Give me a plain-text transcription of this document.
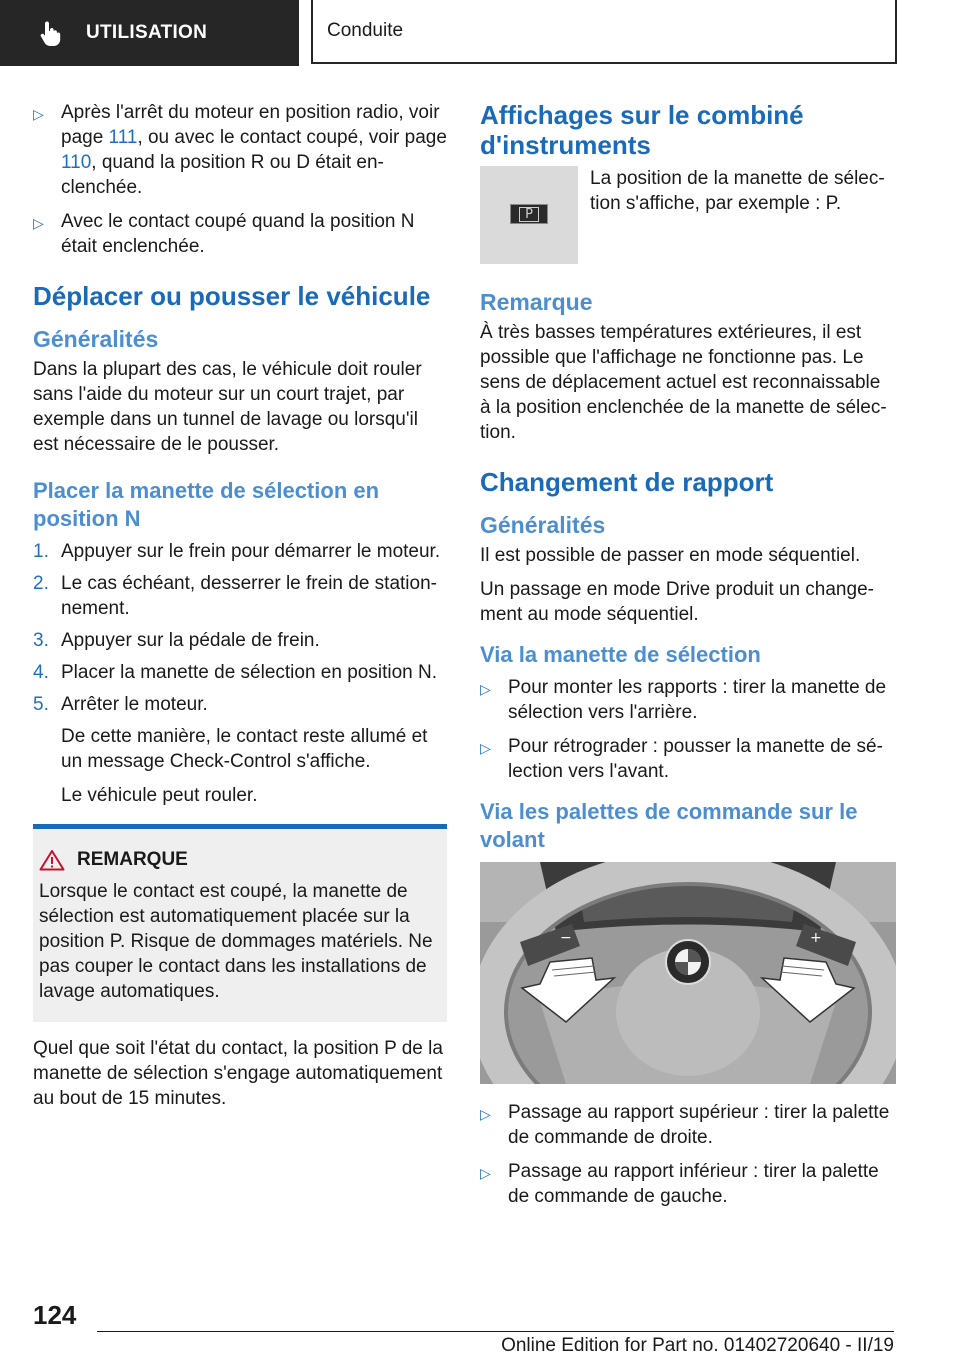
UTILISATION	Conduite
▷ Après l'arrêt du moteur en position radio, voir page 111, ou avec le contact coupé, voir page 110, quand la position R ou D était enclenchée.
▷ Avec le contact coupé quand la position N était enclenchée.
Déplacer ou pousser le véhicule
Généralités

Dans la plupart des cas, le véhicule doit rouler sans l'aide du moteur sur un court trajet, par exemple dans un tunnel de lavage ou lorsqu'il est nécessaire de le pousser.

Placer la manette de sélection en position N
1. Appuyer sur le frein pour démarrer le moteur.
2. Le cas échéant, desserrer le frein de stationnement.
3. Appuyer sur la pédale de frein.
4. Placer la manette de sélection en position N.
5. Arrêter le moteur.

De cette manière, le contact reste allumé et un message Check-Control s'affiche.

Le véhicule peut rouler.

REMARQUE

Lorsque le contact est coupé, la manette de sélection est automatiquement placée sur la position P. Risque de dommages matériels. Ne pas couper le contact dans les installations de lavage automatiques.

Quel que soit l'état du contact, la position P de la manette de sélection s'engage automatiquement au bout de 15 minutes.

Affichages sur le combiné d'instruments
P

La position de la manette de sélection s'affiche, par exemple : P.

Remarque

À très basses températures extérieures, il est possible que l'affichage ne fonctionne pas. Le sens de déplacement actuel est reconnaissable à la position enclenchée de la manette de sélection.

Changement de rapport
Généralités

Il est possible de passer en mode séquentiel.

Un passage en mode Drive produit un changement au mode séquentiel.

Via la manette de sélection
▷ Pour monter les rapports : tirer la manette de sélection vers l'arrière.
▷ Pour rétrograder : pousser la manette de sélection vers l'avant.
Via les palettes de commande sur le volant
−	+
▷ Passage au rapport supérieur : tirer la palette de commande de droite.
▷ Passage au rapport inférieur : tirer la palette de commande de gauche.
124
Online Edition for Part no. 01402720640 - II/19
